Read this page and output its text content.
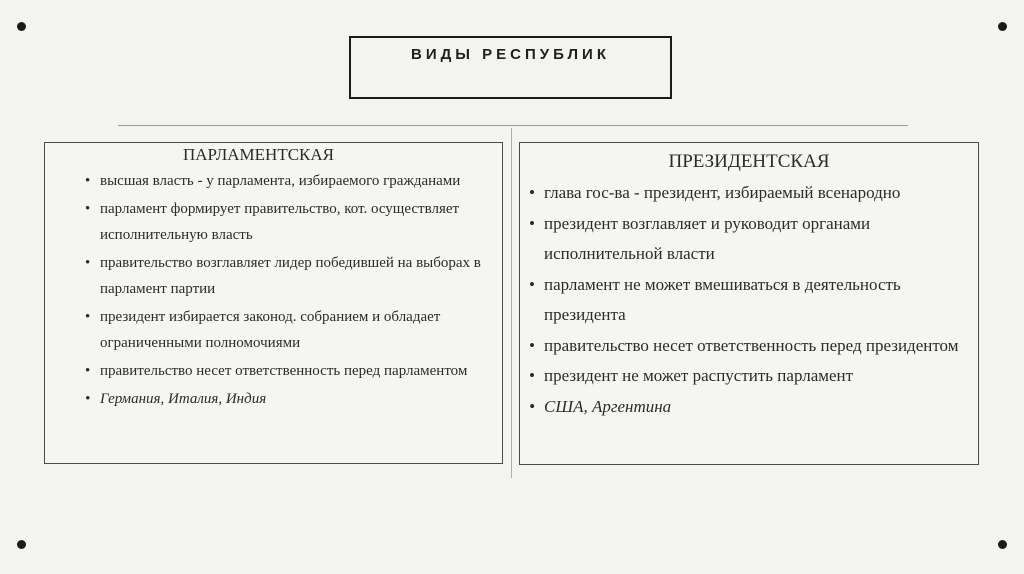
ВИДЫ РЕСПУБЛИК
ПАРЛАМЕНТСКАЯ
• высшая власть - у парламента, избираемого гражданами
• парламент формирует правительство, кот. осуществляет исполнительную власть
• правительство возглавляет лидер победившей на выборах в парламент партии
• президент избирается законод. собранием и обладает ограниченными полномочиями
• правительство несет ответственность перед парламентом
• Германия, Италия, Индия
ПРЕЗИДЕНТСКАЯ
• глава гос-ва - президент, избираемый всенародно
• президент возглавляет и руководит органами исполнительной власти
• парламент не может вмешиваться в деятельность президента
• правительство несет ответственность перед президентом
• президент не может распустить парламент
• США, Аргентина
